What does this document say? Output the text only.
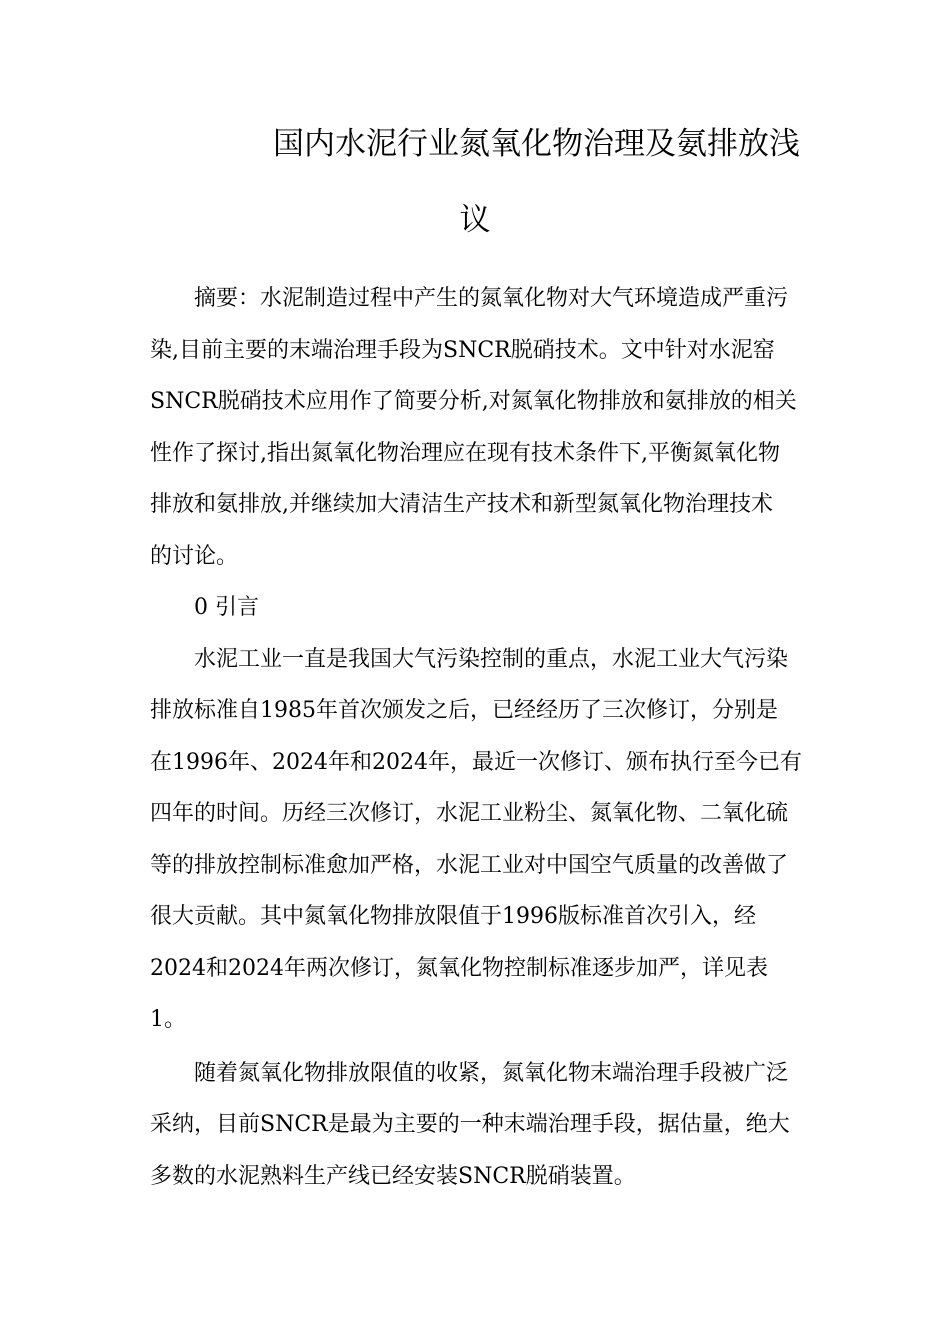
国内水泥行业氮氧化物治理及氨排放浅
议
摘要：水泥制造过程中产生的氮氧化物对大气环境造成严重污
染,目前主要的末端治理手段为SNCR脱硝技术。文中针对水泥窑
SNCR脱硝技术应用作了简要分析,对氮氧化物排放和氨排放的相关
性作了探讨,指出氮氧化物治理应在现有技术条件下,平衡氮氧化物
排放和氨排放,并继续加大清洁生产技术和新型氮氧化物治理技术
的讨论。
0 引言
水泥工业一直是我国大气污染控制的重点，水泥工业大气污染
排放标准自1985年首次颁发之后，已经经历了三次修订，分别是
在1996年、2024年和2024年，最近一次修订、颁布执行至今已有
四年的时间。历经三次修订，水泥工业粉尘、氮氧化物、二氧化硫
等的排放控制标准愈加严格，水泥工业对中国空气质量的改善做了
很大贡献。其中氮氧化物排放限值于1996版标准首次引入，经
2024和2024年两次修订，氮氧化物控制标准逐步加严，详见表
1。
随着氮氧化物排放限值的收紧，氮氧化物末端治理手段被广泛
采纳，目前SNCR是最为主要的一种末端治理手段，据估量，绝大
多数的水泥熟料生产线已经安装SNCR脱硝装置。
